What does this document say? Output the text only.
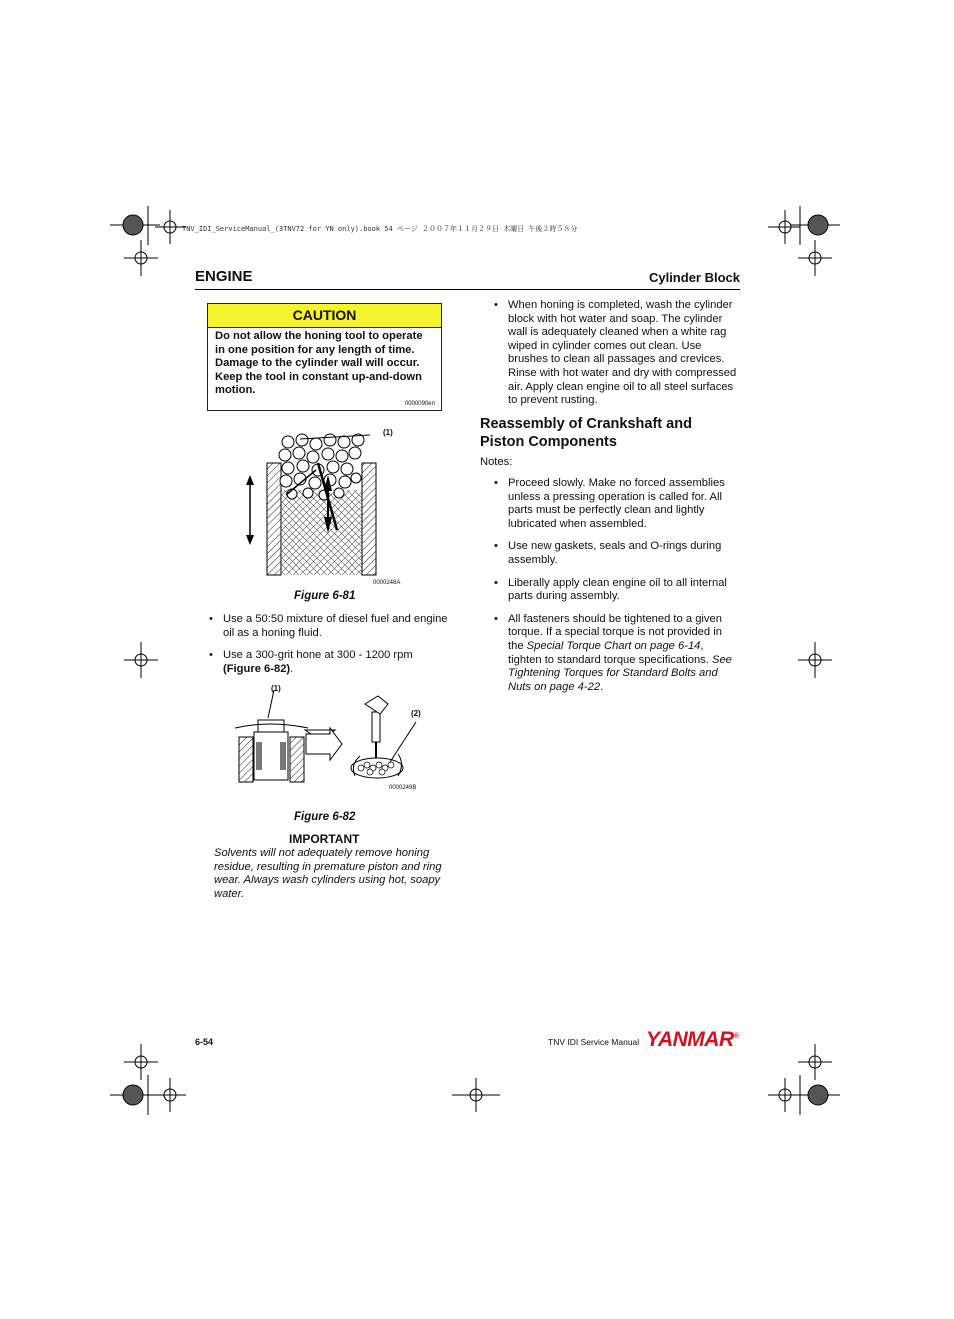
TNV_IDI_ServiceManual_(3TNV72 for YN only).book 54 ページ ２００７年１１月２９日 木曜日 午後２時５８分
ENGINE	Cylinder Block
CAUTION
Do not allow the honing tool to operate in one position for any length of time. Damage to the cylinder wall will occur. Keep the tool in constant up-and-down motion.
0000090en
(1)
0000248A
Figure 6-81
• Use a 50:50 mixture of diesel fuel and engine oil as a honing fluid.
• Use a 300-grit hone at 300 - 1200 rpm (Figure 6-82).
(1)
(2)
0000249B
Figure 6-82
IMPORTANT
Solvents will not adequately remove honing residue, resulting in premature piston and ring wear. Always wash cylinders using hot, soapy water.
• When honing is completed, wash the cylinder block with hot water and soap. The cylinder wall is adequately cleaned when a white rag wiped in cylinder comes out clean. Use brushes to clean all passages and crevices. Rinse with hot water and dry with compressed air. Apply clean engine oil to all steel surfaces to prevent rusting.
Reassembly of Crankshaft and Piston Components
Notes:
• Proceed slowly. Make no forced assemblies unless a pressing operation is called for. All parts must be perfectly clean and lightly lubricated when assembled.
• Use new gaskets, seals and O-rings during assembly.
• Liberally apply clean engine oil to all internal parts during assembly.
• All fasteners should be tightened to a given torque. If a special torque is not provided in the Special Torque Chart on page 6-14, tighten to standard torque specifications. See Tightening Torques for Standard Bolts and Nuts on page 4-22.
6-54	TNV IDI Service Manual YANMAR®
